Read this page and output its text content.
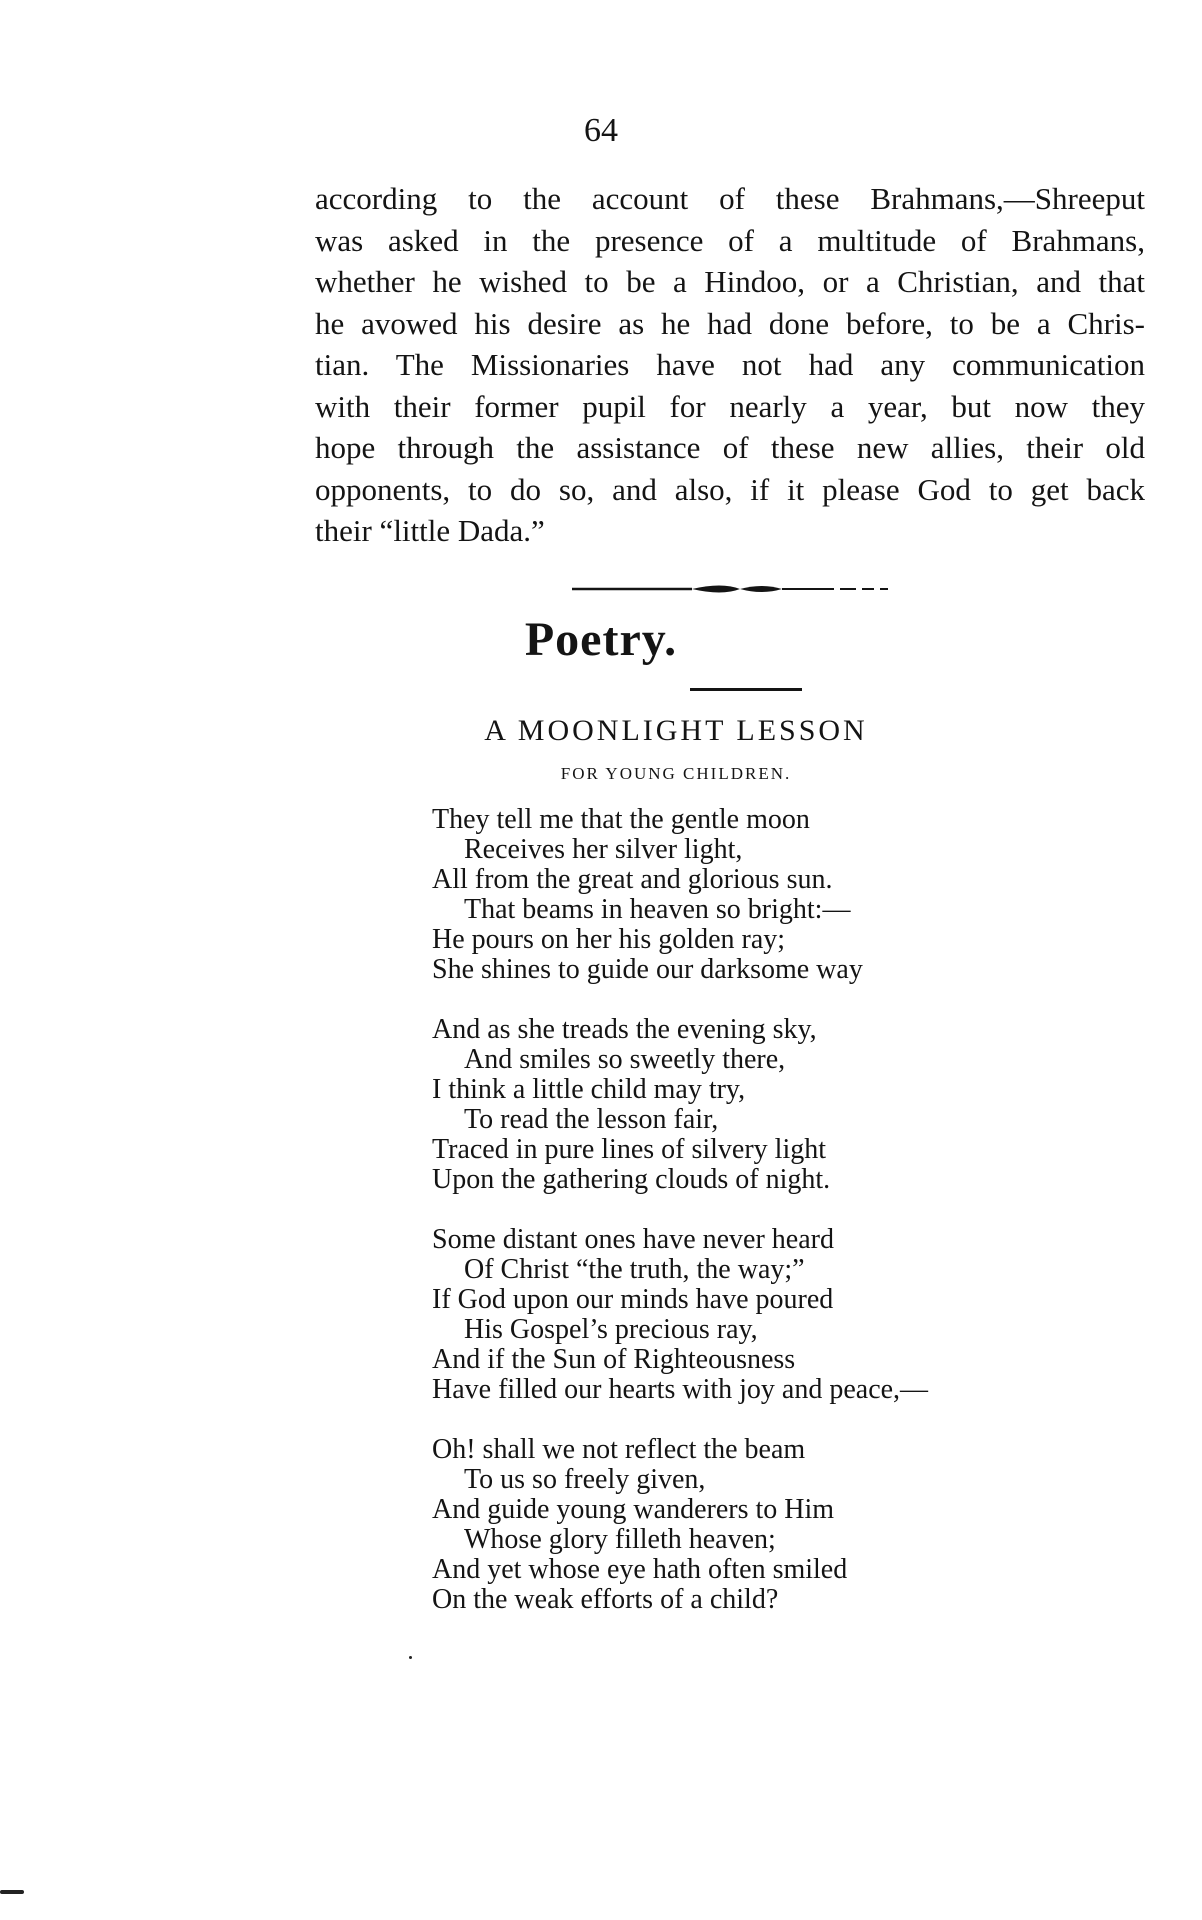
64
according to the account of these Brahmans,—Shreeput
was asked in the presence of a multitude of Brahmans,
whether he wished to be a Hindoo, or a Christian, and that
he avowed his desire as he had done before, to be a Chris-
tian. The Missionaries have not had any communication
with their former pupil for nearly a year, but now they
hope through the assistance of these new allies, their old
opponents, to do so, and also, if it please God to get back
their “little Dada.”
Poetry.
A MOONLIGHT LESSON
FOR YOUNG CHILDREN.
They tell me that the gentle moon
Receives her silver light,
All from the great and glorious sun.
That beams in heaven so bright:—
He pours on her his golden ray;
She shines to guide our darksome way
And as she treads the evening sky,
And smiles so sweetly there,
I think a little child may try,
To read the lesson fair,
Traced in pure lines of silvery light
Upon the gathering clouds of night.
Some distant ones have never heard
Of Christ “the truth, the way;”
If God upon our minds have poured
His Gospel’s precious ray,
And if the Sun of Righteousness
Have filled our hearts with joy and peace,—
Oh! shall we not reflect the beam
To us so freely given,
And guide young wanderers to Him
Whose glory filleth heaven;
And yet whose eye hath often smiled
On the weak efforts of a child?
